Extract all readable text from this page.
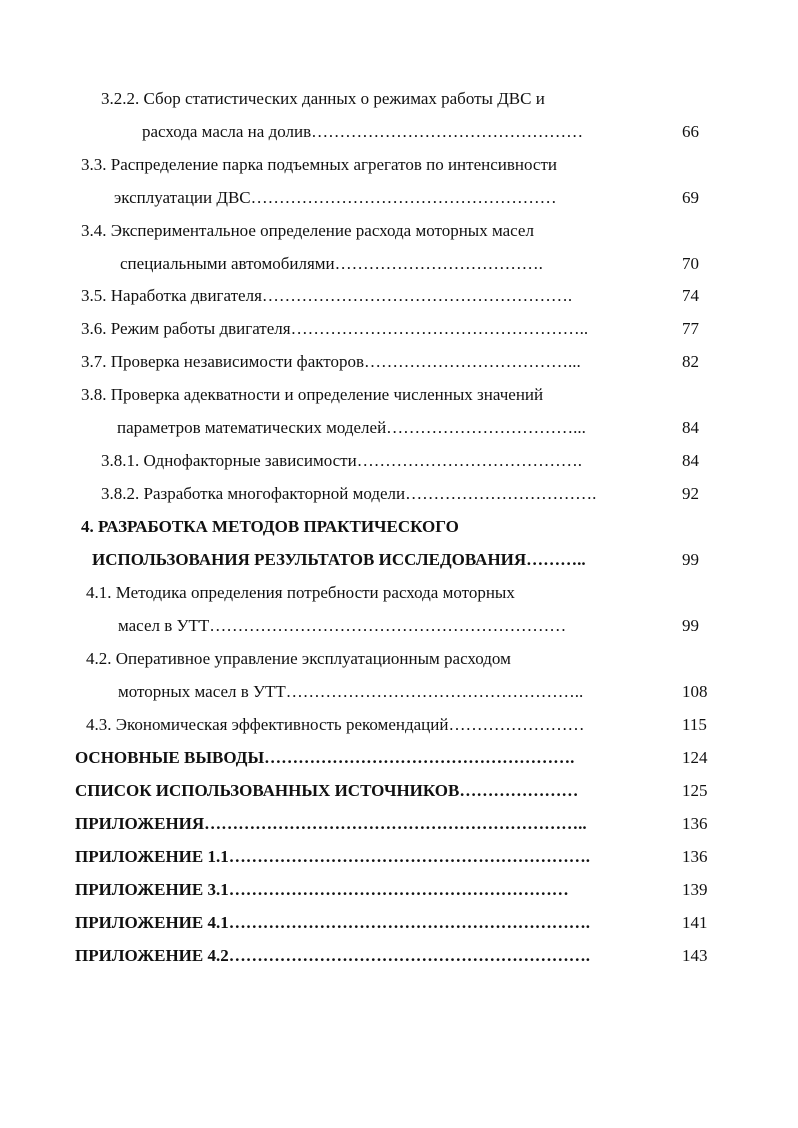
3.2.2. Сбор статистических данных о режимах работы ДВС и
расхода масла на долив…………………………………………	66
3.3. Распределение парка подъемных агрегатов по интенсивности
эксплуатации ДВС………………………………………………	69
3.4. Экспериментальное определение расхода моторных масел
специальными автомобилями……………………………….	70
3.5. Наработка двигателя……………………………………………….	74
3.6. Режим работы двигателя……………………………………………..	77
3.7. Проверка независимости факторов………………………………...	82
3.8. Проверка адекватности и определение численных значений
параметров математических моделей……………………………...	84
3.8.1. Однофакторные зависимости………………………………….	84
3.8.2. Разработка многофакторной модели…………………………….	92
4. РАЗРАБОТКА МЕТОДОВ ПРАКТИЧЕСКОГО
ИСПОЛЬЗОВАНИЯ РЕЗУЛЬТАТОВ ИССЛЕДОВАНИЯ………..	99
4.1. Методика определения потребности расхода моторных
масел в УТТ………………………………………………………	99
4.2. Оперативное управление эксплуатационным расходом
моторных масел в УТТ……………………………………………..	108
4.3. Экономическая эффективность рекомендаций……………………	115
ОСНОВНЫЕ ВЫВОДЫ……………………………………………….	124
СПИСОК ИСПОЛЬЗОВАННЫХ ИСТОЧНИКОВ…………………	125
ПРИЛОЖЕНИЯ…………………………………………………………..	136
ПРИЛОЖЕНИЕ 1.1……………………………………………………….	136
ПРИЛОЖЕНИЕ 3.1……………………………………………………	139
ПРИЛОЖЕНИЕ 4.1……………………………………………………….	141
ПРИЛОЖЕНИЕ 4.2……………………………………………………….	143
